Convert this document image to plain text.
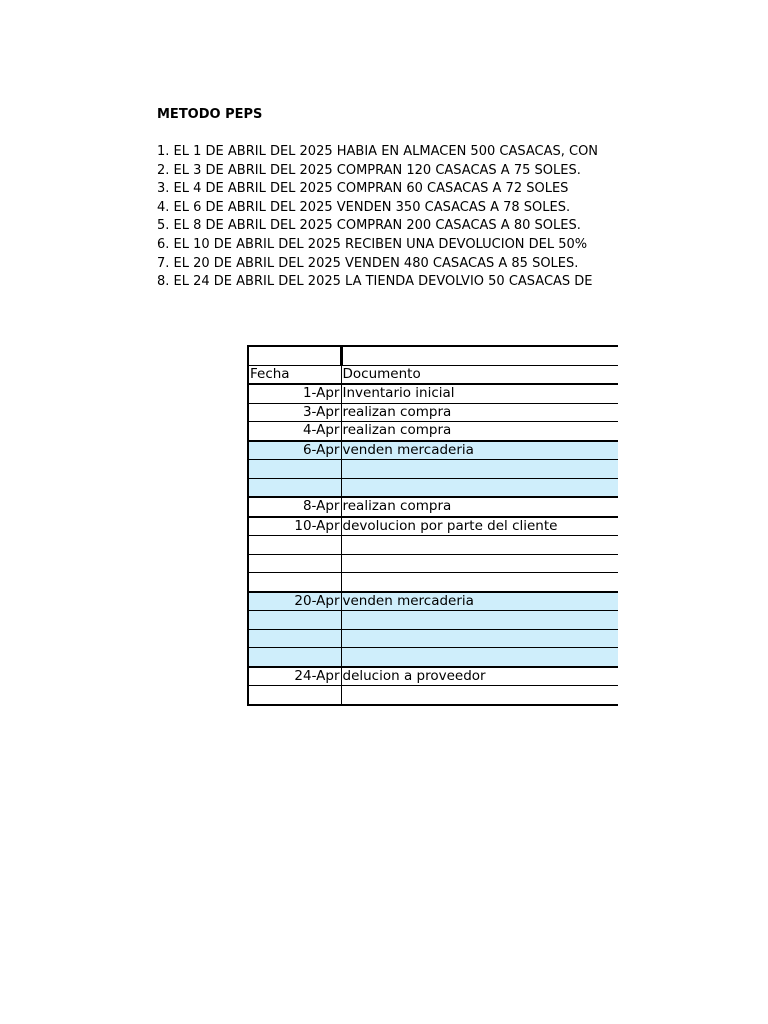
METODO PEPS
1. EL 1 DE ABRIL DEL 2025 HABIA EN ALMACEN 500 CASACAS, CON
2. EL 3 DE ABRIL DEL 2025 COMPRAN 120 CASACAS A 75 SOLES.
3. EL 4 DE ABRIL DEL 2025 COMPRAN 60 CASACAS A 72 SOLES
4. EL 6 DE ABRIL DEL 2025 VENDEN 350 CASACAS A 78 SOLES.
5. EL 8 DE ABRIL DEL 2025 COMPRAN 200 CASACAS A 80 SOLES.
6. EL 10 DE ABRIL DEL 2025 RECIBEN UNA DEVOLUCION DEL 50%
7. EL 20 DE ABRIL DEL 2025 VENDEN 480 CASACAS A 85 SOLES.
8. EL 24 DE ABRIL DEL 2025 LA TIENDA DEVOLVIO 50 CASACAS DE

Fecha	Documento
1-Apr	Inventario inicial
3-Apr	realizan compra
4-Apr	realizan compra
6-Apr	venden mercaderia

8-Apr	realizan compra
10-Apr	devolucion por parte del cliente

20-Apr	venden mercaderia

24-Apr	delucion a proveedor
